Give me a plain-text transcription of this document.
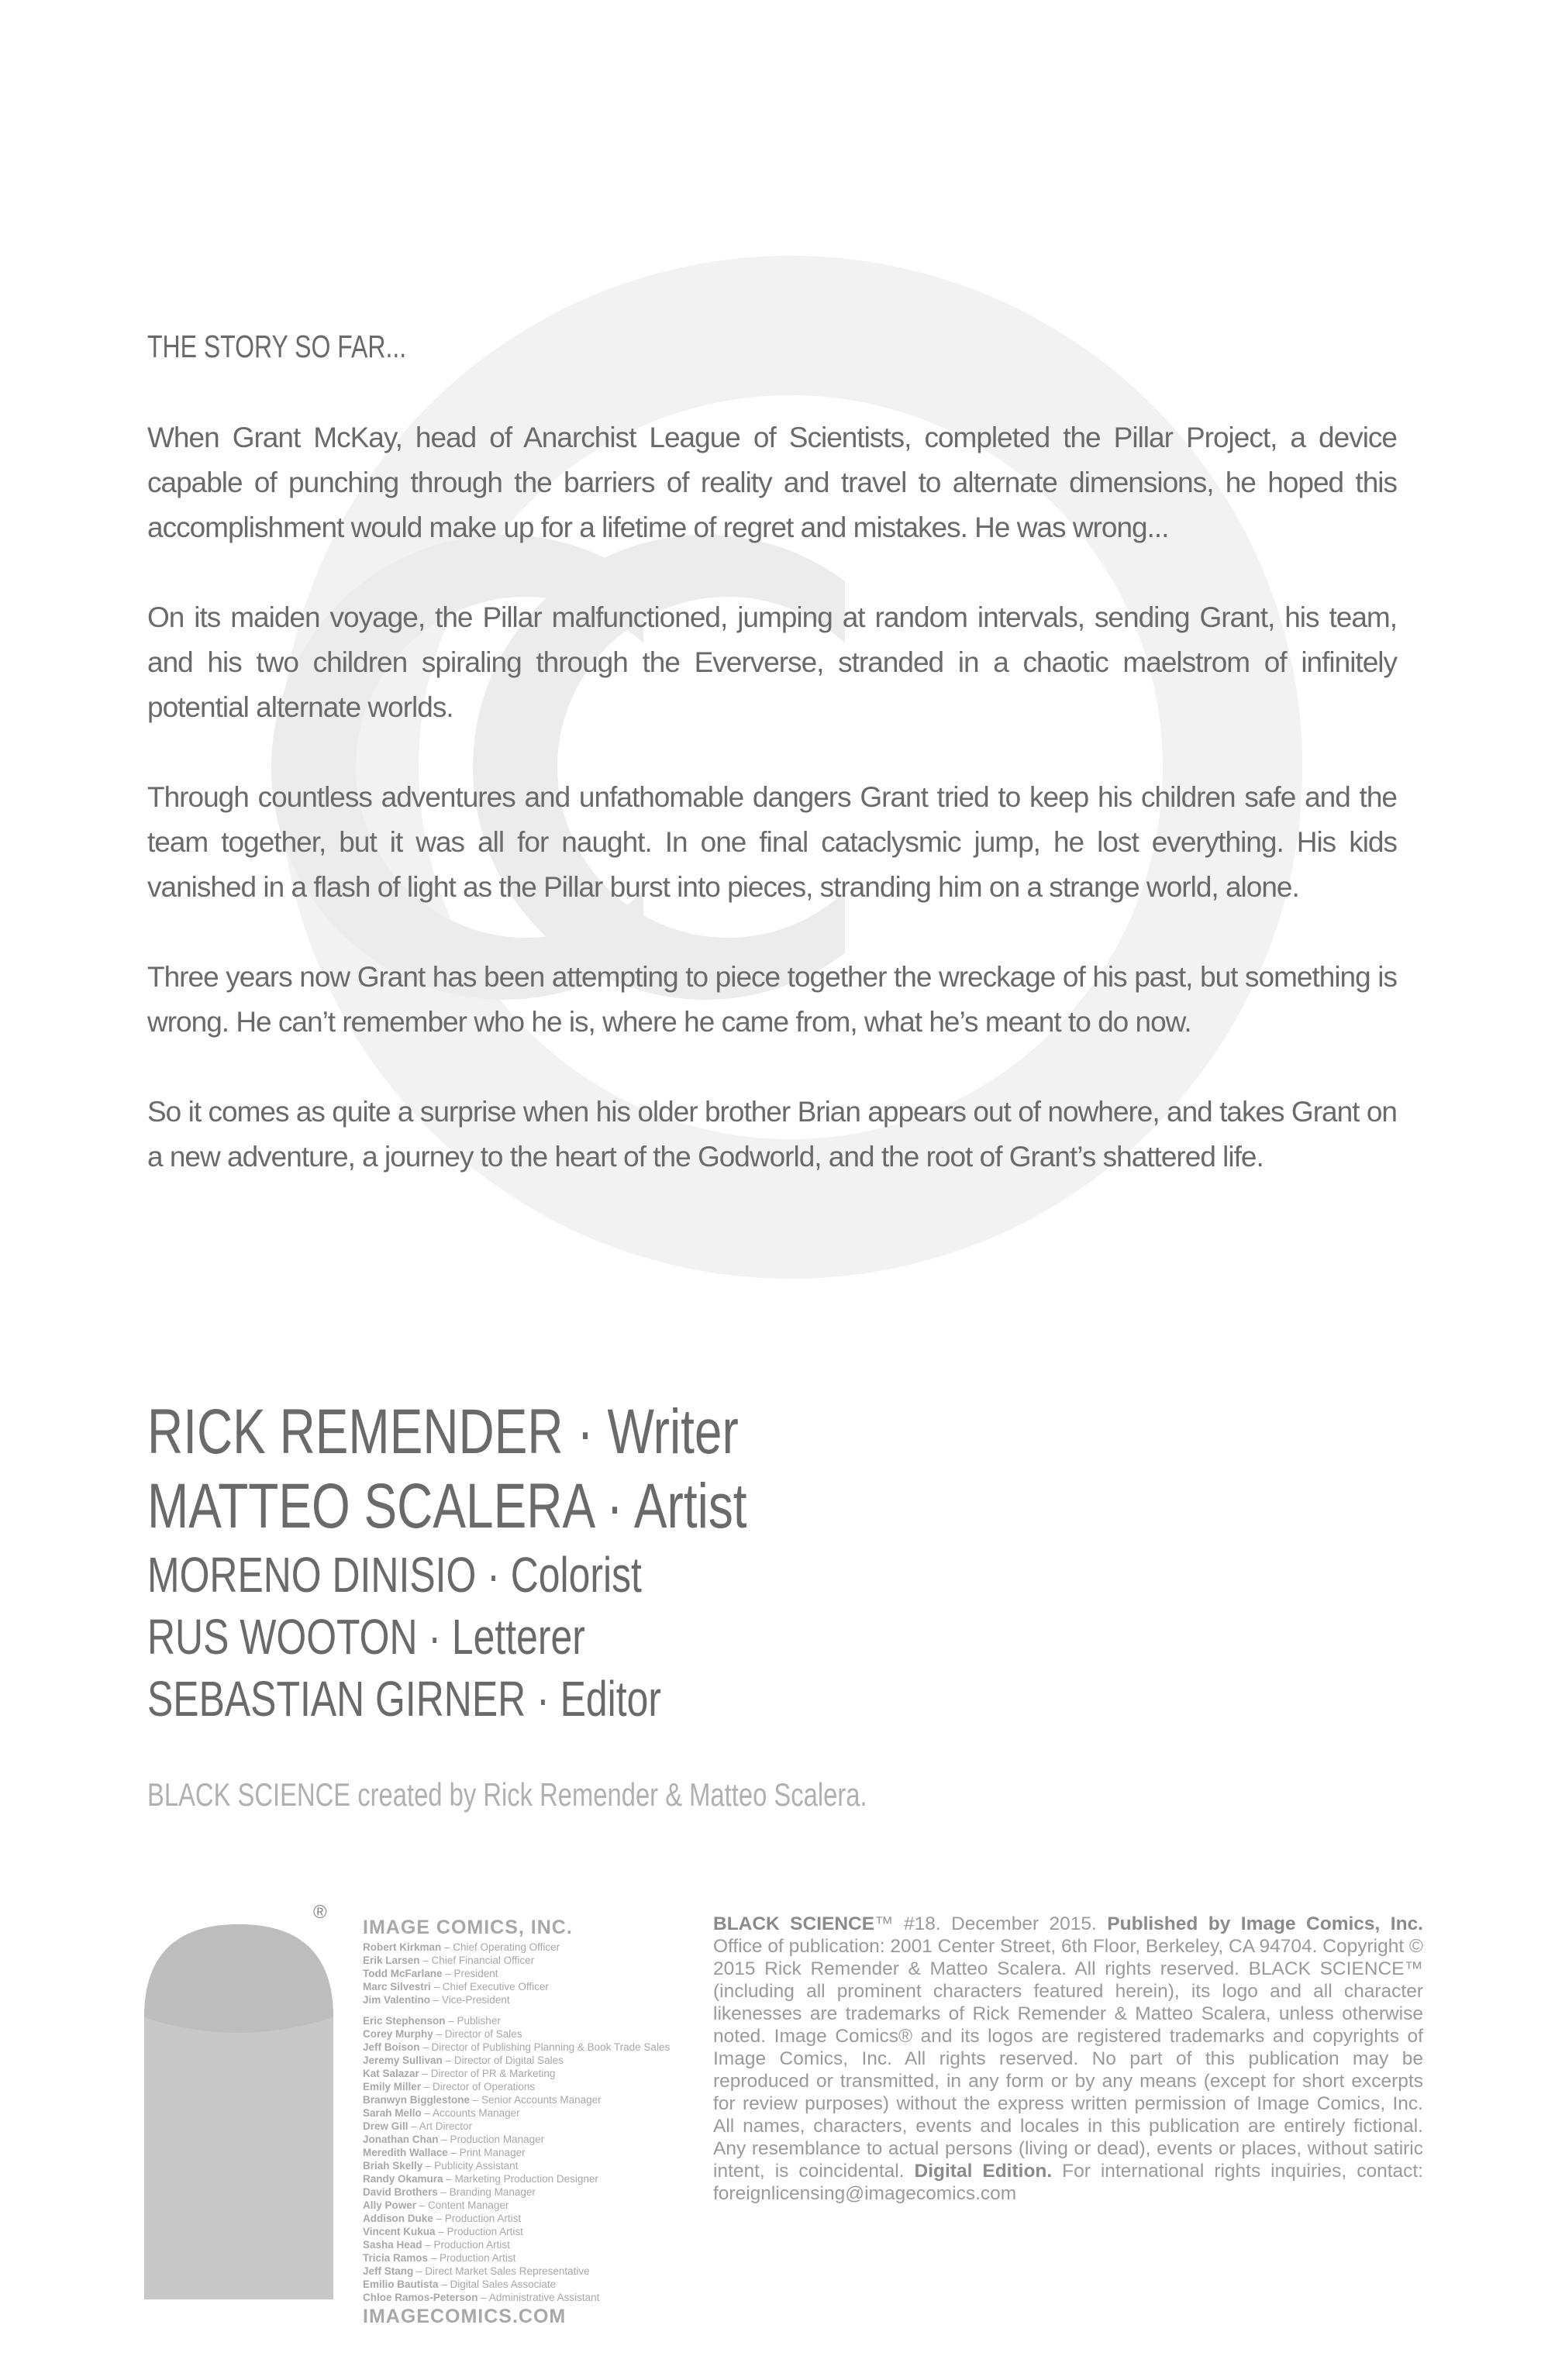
THE STORY SO FAR...

When Grant McKay, head of Anarchist League of Scientists, completed the Pillar Project, a device capable of punching through the barriers of reality and travel to alternate dimensions, he hoped this accomplishment would make up for a lifetime of regret and mistakes. He was wrong...

On its maiden voyage, the Pillar malfunctioned, jumping at random intervals, sending Grant, his team, and his two children spiraling through the Eververse, stranded in a chaotic maelstrom of infinitely potential alternate worlds.

Through countless adventures and unfathomable dangers Grant tried to keep his children safe and the team together, but it was all for naught. In one final cataclysmic jump, he lost everything. His kids vanished in a flash of light as the Pillar burst into pieces, stranding him on a strange world, alone.

Three years now Grant has been attempting to piece together the wreckage of his past, but something is wrong. He can’t remember who he is, where he came from, what he’s meant to do now.

So it comes as quite a surprise when his older brother Brian appears out of nowhere, and takes Grant on a new adventure, a journey to the heart of the Godworld, and the root of Grant’s shattered life.

RICK REMENDER · Writer
MATTEO SCALERA · Artist
MORENO DINISIO · Colorist
RUS WOOTON · Letterer
SEBASTIAN GIRNER · Editor
BLACK SCIENCE created by Rick Remender & Matteo Scalera.
®
IMAGE COMICS, INC.
Robert Kirkman – Chief Operating Officer
Erik Larsen – Chief Financial Officer
Todd McFarlane – President
Marc Silvestri – Chief Executive Officer
Jim Valentino – Vice-President
Eric Stephenson – Publisher
Corey Murphy – Director of Sales
Jeff Boison – Director of Publishing Planning & Book Trade Sales
Jeremy Sullivan – Director of Digital Sales
Kat Salazar – Director of PR & Marketing
Emily Miller – Director of Operations
Branwyn Bigglestone – Senior Accounts Manager
Sarah Mello – Accounts Manager
Drew Gill – Art Director
Jonathan Chan – Production Manager
Meredith Wallace – Print Manager
Briah Skelly – Publicity Assistant
Randy Okamura – Marketing Production Designer
David Brothers – Branding Manager
Ally Power – Content Manager
Addison Duke – Production Artist
Vincent Kukua – Production Artist
Sasha Head – Production Artist
Tricia Ramos – Production Artist
Jeff Stang – Direct Market Sales Representative
Emilio Bautista – Digital Sales Associate
Chloe Ramos-Peterson – Administrative Assistant
IMAGECOMICS.COM
BLACK SCIENCE™ #18. December 2015. Published by Image Comics, Inc. Office of publication: 2001 Center Street, 6th Floor, Berkeley, CA 94704. Copyright © 2015 Rick Remender & Matteo Scalera. All rights reserved. BLACK SCIENCE™ (including all prominent characters featured herein), its logo and all character likenesses are trademarks of Rick Remender & Matteo Scalera, unless otherwise noted. Image Comics® and its logos are registered trademarks and copyrights of Image Comics, Inc. All rights reserved. No part of this publication may be reproduced or transmitted, in any form or by any means (except for short excerpts for review purposes) without the express written permission of Image Comics, Inc. All names, characters, events and locales in this publication are entirely fictional. Any resemblance to actual persons (living or dead), events or places, without satiric intent, is coincidental. Digital Edition. For international rights inquiries, contact: foreignlicensing@imagecomics.com
